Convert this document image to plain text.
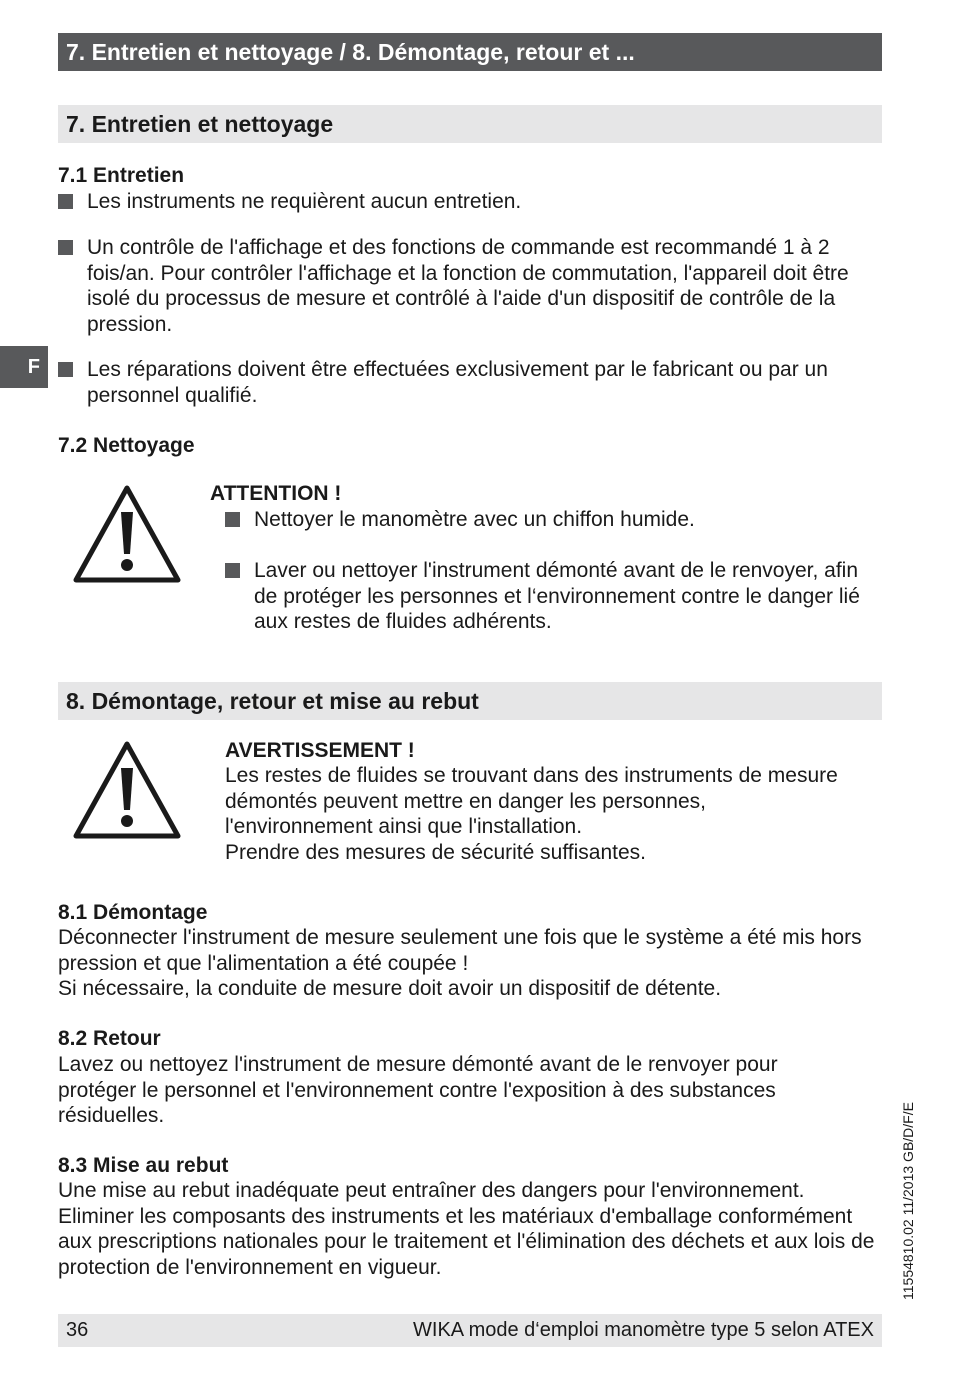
7. Entretien et nettoyage / 8. Démontage, retour et ...
F
7. Entretien et nettoyage
7.1 Entretien
Les instruments ne requièrent aucun entretien.
Un contrôle de l'affichage et des fonctions de commande est recommandé 1 à 2 fois/an. Pour contrôler l'affichage et la fonction de commutation, l'appareil doit être isolé du processus de mesure et contrôlé à l'aide d'un dispositif de contrôle de la pression.
Les réparations doivent être effectuées exclusivement par le fabricant ou par un personnel qualifié.
7.2 Nettoyage
ATTENTION !
Nettoyer le manomètre avec un chiffon humide.
Laver ou nettoyer l'instrument démonté avant de le renvoyer, afin de protéger les personnes et l‘environnement contre le danger lié aux restes de fluides adhérents.
8. Démontage, retour et mise au rebut
AVERTISSEMENT !
Les restes de fluides se trouvant dans des instruments de mesure démontés peuvent mettre en danger les personnes, l'environnement ainsi que l'installation.
Prendre des mesures de sécurité suffisantes.
8.1 Démontage
Déconnecter l'instrument de mesure seulement une fois que le système a été mis hors pression et que l'alimentation a été coupée !
Si nécessaire, la conduite de mesure doit avoir un dispositif de détente.
8.2 Retour
Lavez ou nettoyez l'instrument de mesure démonté avant de le renvoyer pour protéger le personnel et l'environnement contre l'exposition à des substances résiduelles.
8.3 Mise au rebut
Une mise au rebut inadéquate peut entraîner des dangers pour l'environnement. Eliminer les composants des instruments et les matériaux d'emballage conformément aux prescriptions nationales pour le traitement et l'élimination des déchets et aux lois de protection de l'environnement en vigueur.	11554810.02 11/2013 GB/D/F/E
36	WIKA mode d‘emploi manomètre type 5 selon ATEX
